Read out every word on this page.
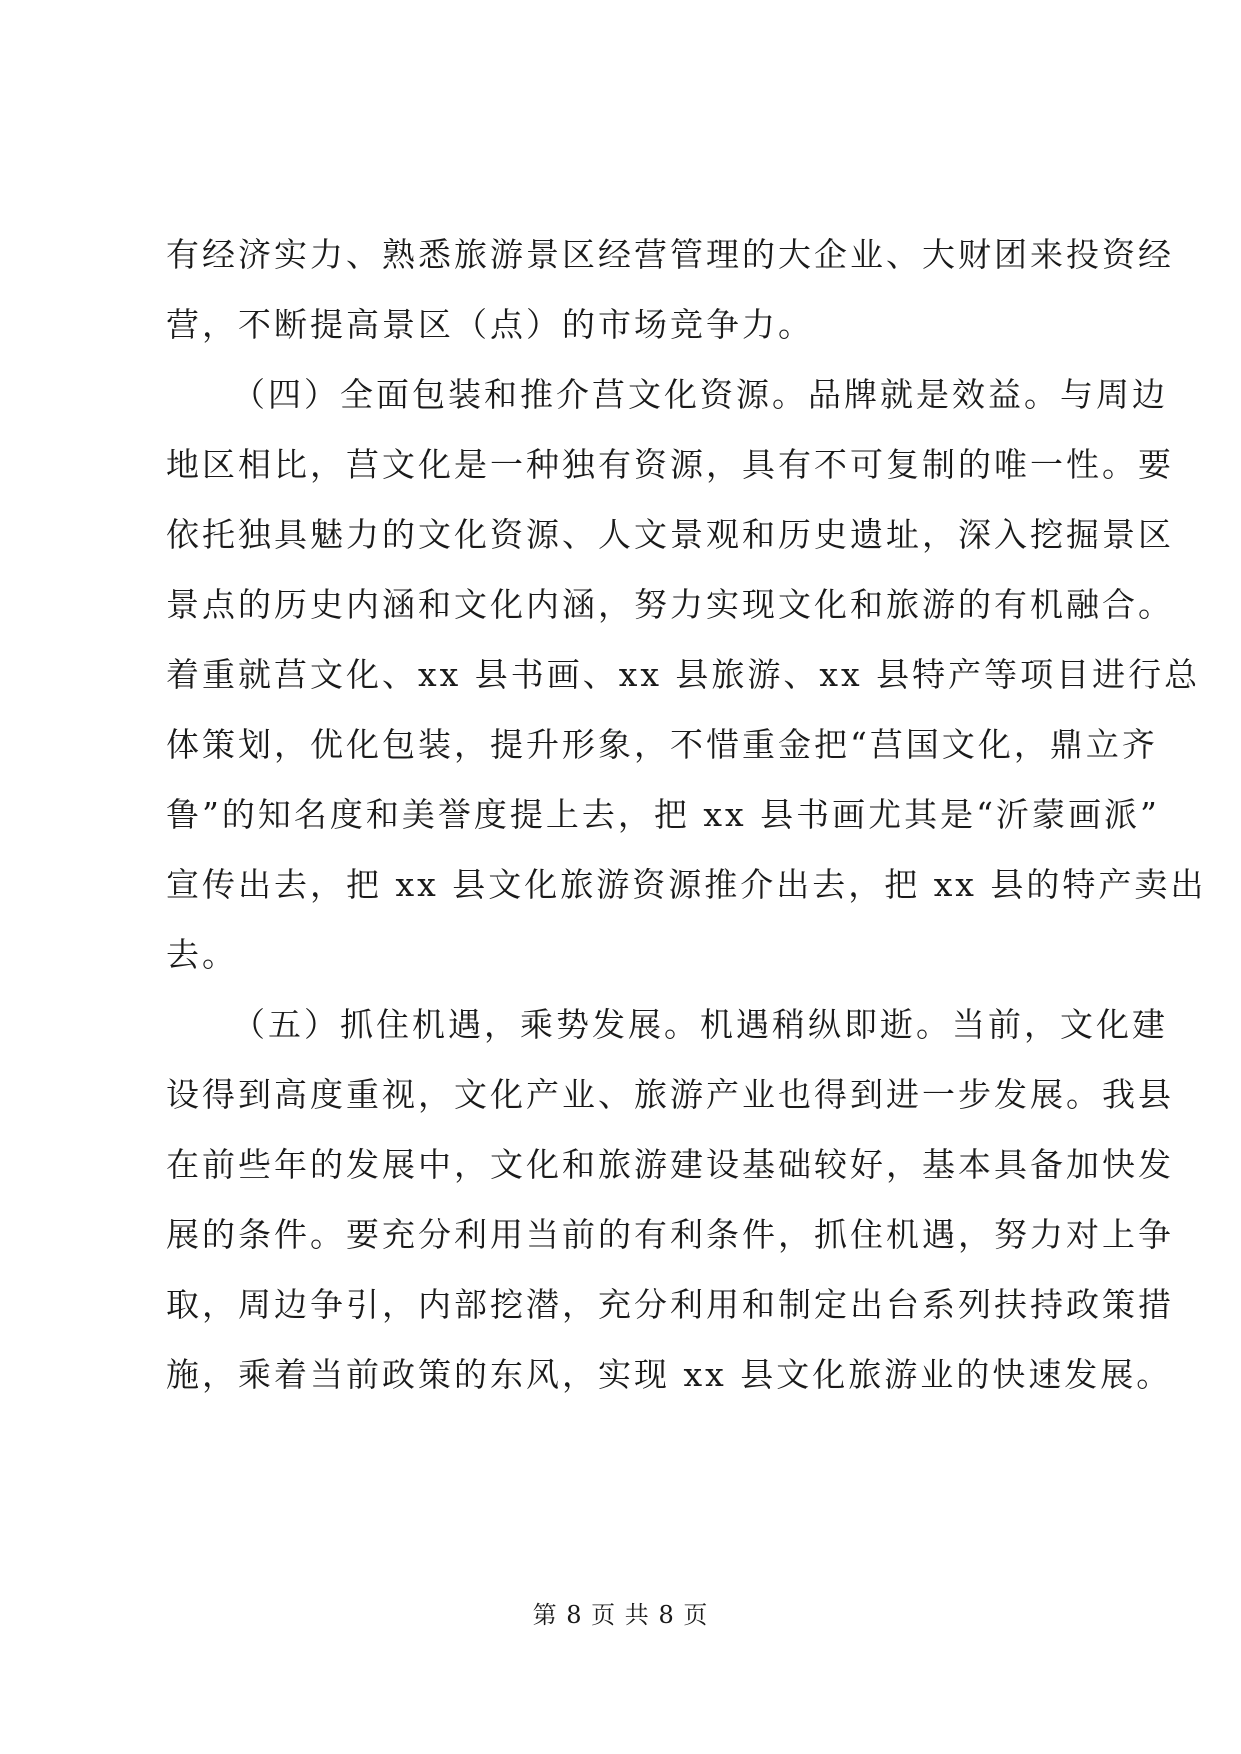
有经济实力、熟悉旅游景区经营管理的大企业、大财团来投资经
营，不断提高景区（点）的市场竞争力。
（四）全面包装和推介莒文化资源。品牌就是效益。与周边
地区相比，莒文化是一种独有资源，具有不可复制的唯一性。要
依托独具魅力的文化资源、人文景观和历史遗址，深入挖掘景区
景点的历史内涵和文化内涵，努力实现文化和旅游的有机融合。
着重就莒文化、xx 县书画、xx 县旅游、xx 县特产等项目进行总
体策划，优化包装，提升形象，不惜重金把“莒国文化，鼎立齐
鲁”的知名度和美誉度提上去，把 xx 县书画尤其是“沂蒙画派”
宣传出去，把 xx 县文化旅游资源推介出去，把 xx 县的特产卖出
去。
（五）抓住机遇，乘势发展。机遇稍纵即逝。当前，文化建
设得到高度重视，文化产业、旅游产业也得到进一步发展。我县
在前些年的发展中，文化和旅游建设基础较好，基本具备加快发
展的条件。要充分利用当前的有利条件，抓住机遇，努力对上争
取，周边争引，内部挖潜，充分利用和制定出台系列扶持政策措
施，乘着当前政策的东风，实现 xx 县文化旅游业的快速发展。
第 8 页 共 8 页
